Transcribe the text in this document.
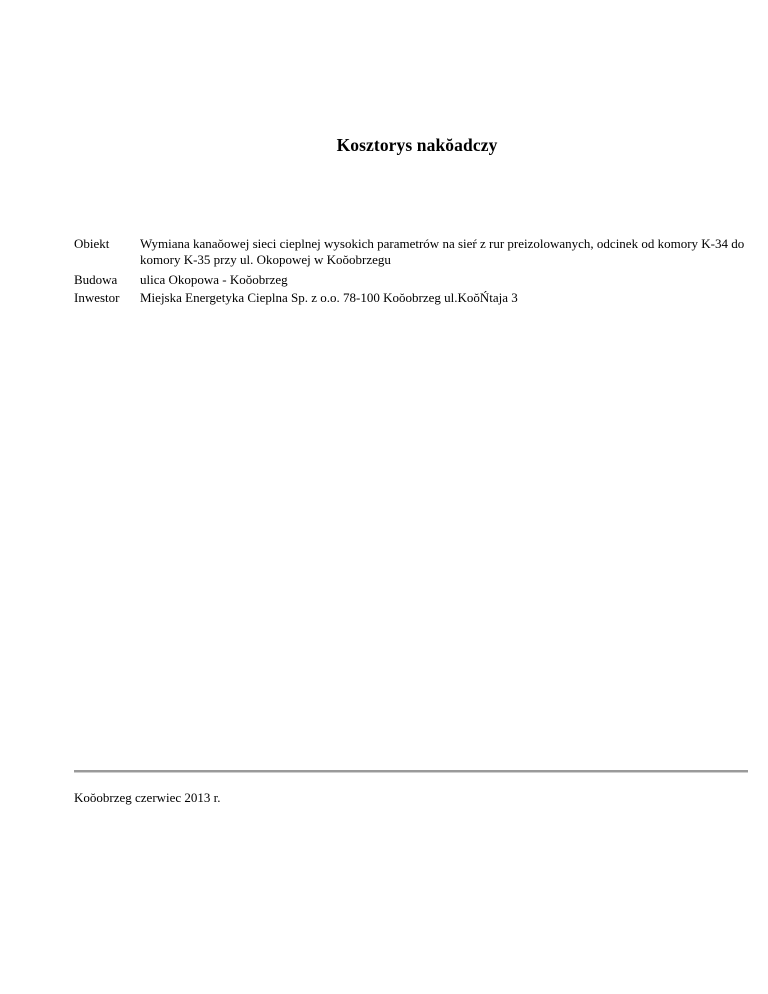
Kosztorys nakŏadczy
Obiekt	Wymiana kanaŏowej sieci cieplnej wysokich parametrów na sieŕ z rur preizolowanych, odcinek od komory K-34 do komory K-35 przy ul. Okopowej w Koŏobrzegu
Budowa	ulica Okopowa - Koŏobrzeg
Inwestor	Miejska Energetyka Cieplna Sp. z o.o. 78-100 Koŏobrzeg ul.KoŏŃtaja 3
Koŏobrzeg czerwiec 2013 r.
